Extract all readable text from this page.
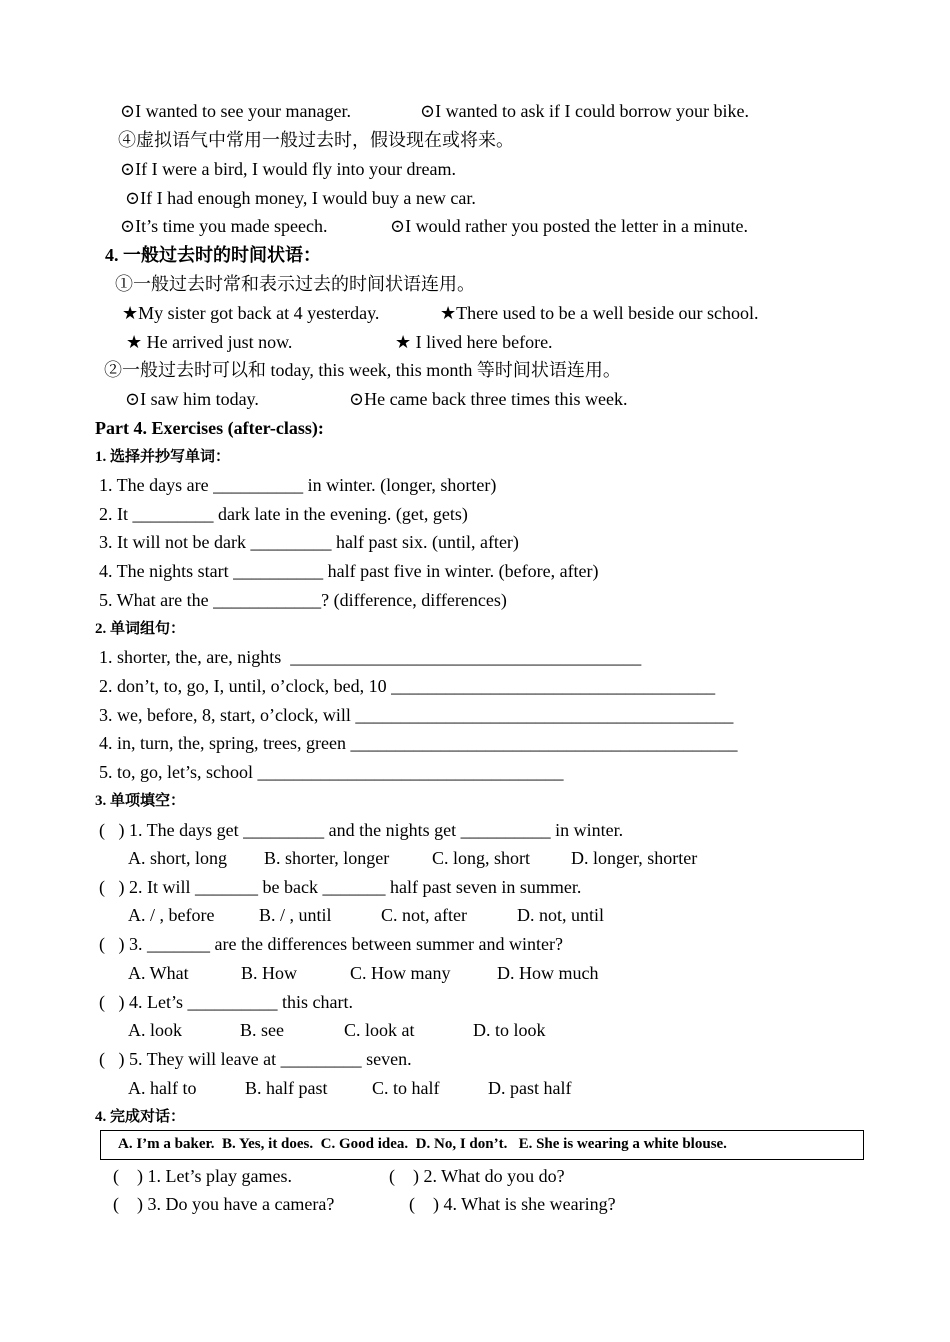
⊙I wanted to see your manager.	⊙I wanted to ask if I could borrow your bike.
④虚拟语气中常用一般过去时，假设现在或将来。
⊙If I were a bird, I would fly into your dream.
⊙If I had enough money, I would buy a new car.
⊙It’s time you made speech.	⊙I would rather you posted the letter in a minute.
4. 一般过去时的时间状语：
①一般过去时常和表示过去的时间状语连用。
★My sister got back at 4 yesterday.	★There used to be a well beside our school.
★ He arrived just now.	★ I lived here before.
②一般过去时可以和 today, this week, this month 等时间状语连用。
⊙I saw him today.	⊙He came back three times this week.
Part 4. Exercises (after-class):
1. 选择并抄写单词：
1. The days are __________ in winter. (longer, shorter)
2. It _________ dark late in the evening. (get, gets)
3. It will not be dark _________ half past six. (until, after)
4. The nights start __________ half past five in winter. (before, after)
5. What are the ____________? (difference, differences)
2. 单词组句：
1. shorter, the, are, nights  _______________________________________
2. don’t, to, go, I, until, o’clock, bed, 10 ____________________________________
3. we, before, 8, start, o’clock, will __________________________________________
4. in, turn, the, spring, trees, green ___________________________________________
5. to, go, let’s, school __________________________________
3. 单项填空：
(   ) 1. The days get _________ and the nights get __________ in winter.
A. short, long B. shorter, longer C. long, short D. longer, shorter
(   ) 2. It will _______ be back _______ half past seven in summer.
A. / , before B. / , until	C. not, after	D. not, until
(   ) 3. _______ are the differences between summer and winter?
A. What	B. How	C. How many	D. How much
(   ) 4. Let’s __________ this chart.
A. look	B. see	C. look at	D. to look
(   ) 5. They will leave at _________ seven.
A. half to	B. half past C. to half	D. past half
4. 完成对话：
A. I’m a baker.  B. Yes, it does.  C. Good idea.  D. No, I don’t.   E. She is wearing a white blouse.
(    ) 1. Let’s play games.	(    ) 2. What do you do?
(    ) 3. Do you have a camera?	(    ) 4. What is she wearing?
